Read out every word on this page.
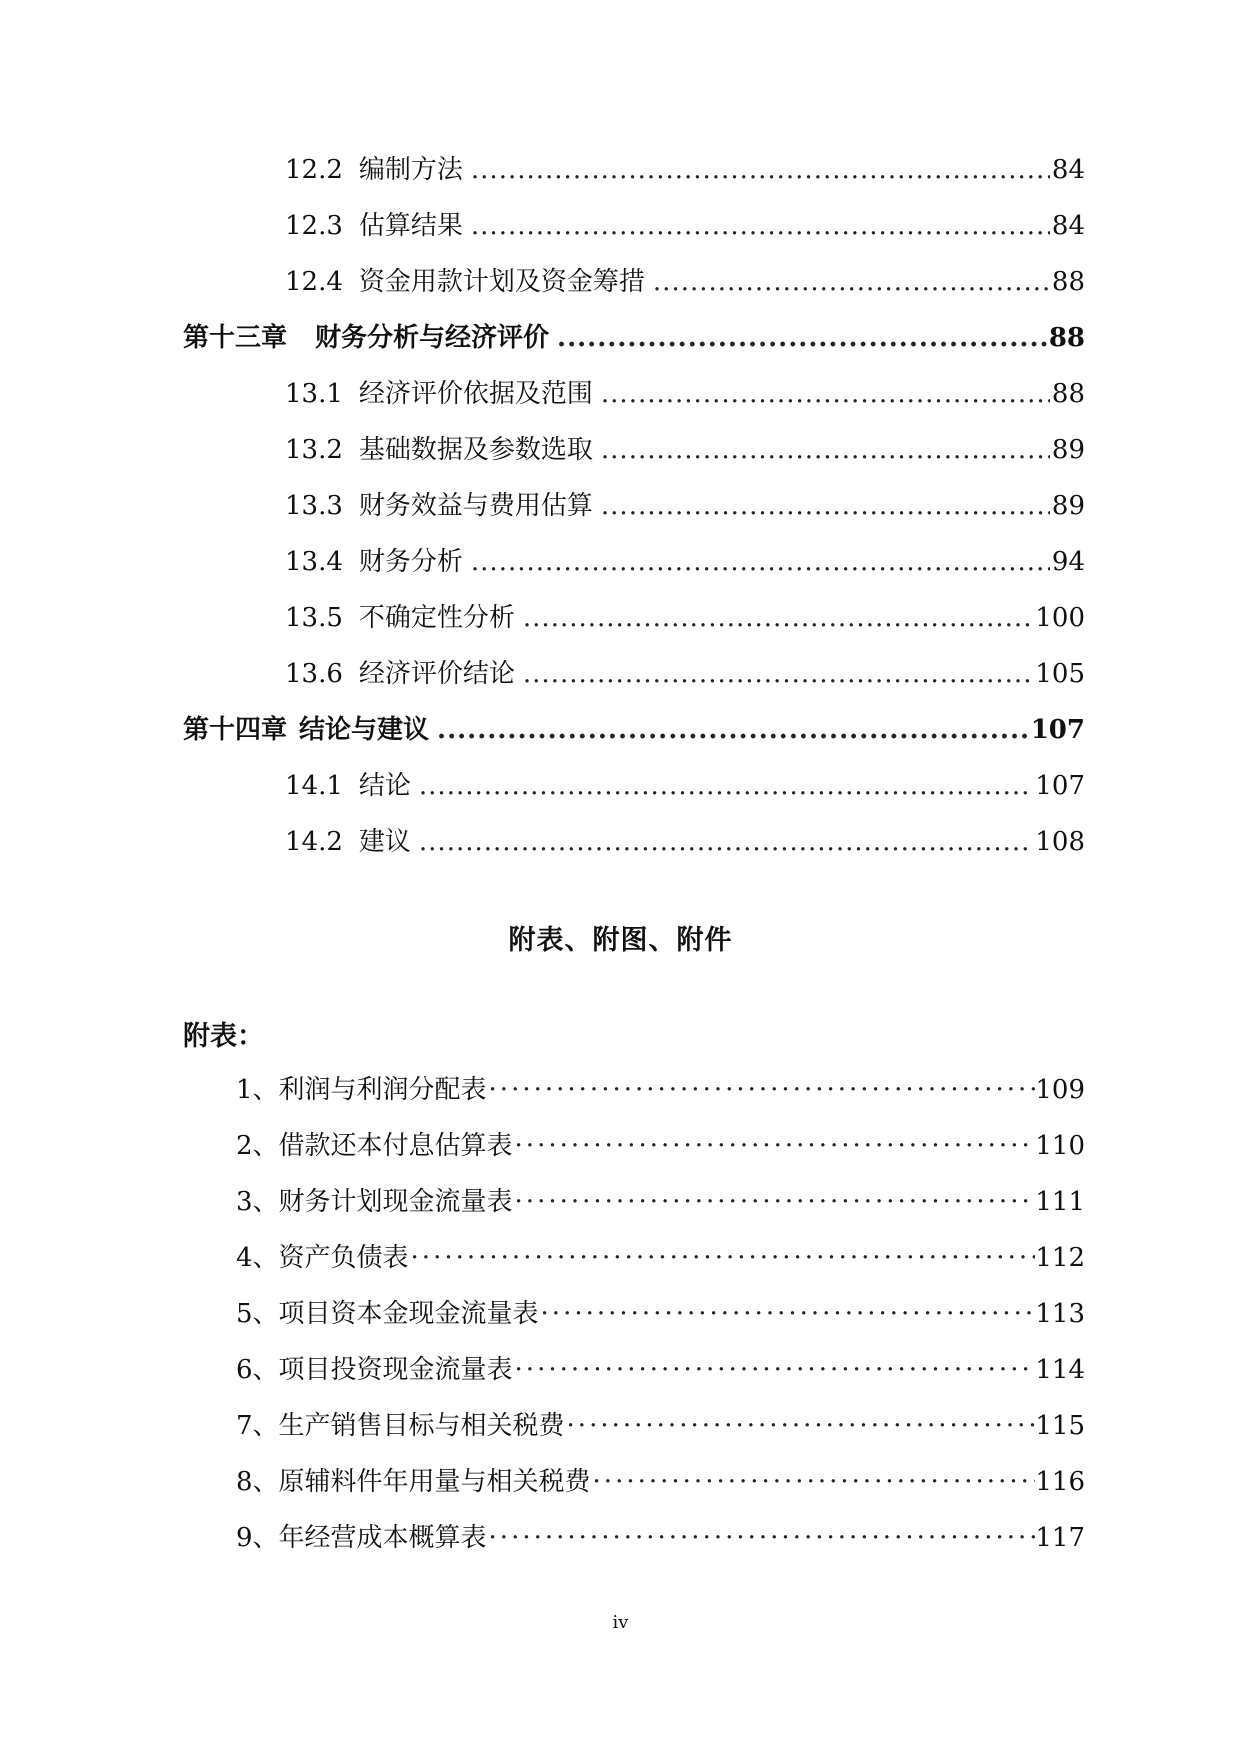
12.2 编制方法 .....	84
12.3 估算结果 .....	84
12.4 资金用款计划及资金筹措 .....	88
第十三章 财务分析与经济评价 .....	88
13.1 经济评价依据及范围 .....	88
13.2 基础数据及参数选取 .....	89
13.3 财务效益与费用估算 .....	89
13.4 财务分析 .....	94
13.5 不确定性分析 .....	100
13.6 经济评价结论 .....	105
第十四章 结论与建议 .....	107
14.1 结论 .....	107
14.2 建议 .....	108
附表、附图、附件
附表：
1、利润与利润分配表 ·····	109
2、借款还本付息估算表 ·····	110
3、财务计划现金流量表 ·····	111
4、资产负债表 ·····	112
5、项目资本金现金流量表 ·····	113
6、项目投资现金流量表 ·····	114
7、生产销售目标与相关税费 ·····	115
8、原辅料件年用量与相关税费 ·····	116
9、年经营成本概算表 ·····	117
iv
